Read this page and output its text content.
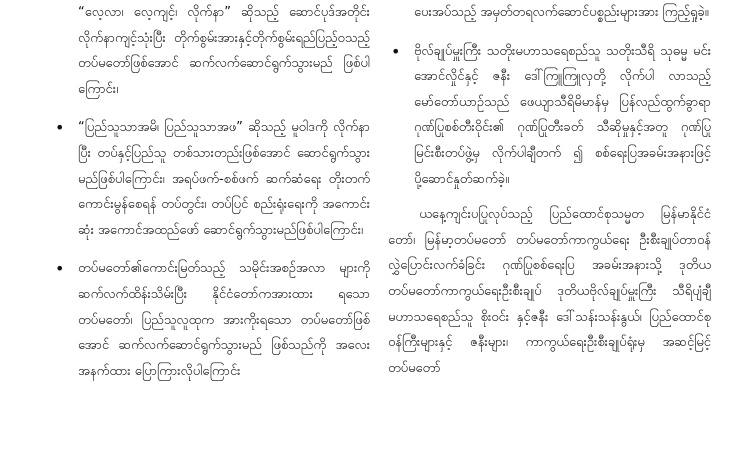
“လေ့လာ၊ လေ့ကျင့်၊ လိုက်နာ” ဆိုသည့် ဆောင်ပုဒ်အတိုင်း လိုက်နာကျင့်သုံးပြီး တိုက်စွမ်းအားနှင့်တိုက်စွမ်းရည်ပြည့်ဝသည့် တပ်မတော်ဖြစ်အောင် ဆက်လက်ဆောင်ရွက်သွားမည် ဖြစ်ပါကြောင်း၊

• “ပြည်သူသာအမိ၊ ပြည်သူသာအဖ” ဆိုသည့် မူဝါဒကို လိုက်နာပြီး တပ်နှင့်ပြည်သူ တစ်သားတည်းဖြစ်အောင် ဆောင်ရွက်သွားမည်ဖြစ်ပါကြောင်း၊ အရပ်ဖက်-စစ်ဖက် ဆက်ဆံရေး တိုးတက်ကောင်းမွန်စေရန် တပ်တွင်း၊ တပ်ပြင် စည်းရုံးရေးကို အကောင်းဆုံး အကောင်အထည်ဖော် ဆောင်ရွက်သွားမည်ဖြစ်ပါကြောင်း၊

• တပ်မတော်၏ကောင်းမြတ်သည့် သမိုင်းအစဉ်အလာ များကို ဆက်လက်ထိန်းသိမ်းပြီး နိုင်ငံတော်ကအားထား ရသော တပ်မတော်၊ ပြည်သူလူထုက အားကိုးရသော တပ်မတော်ဖြစ်အောင် ဆက်လက်ဆောင်ရွက်သွားမည် ဖြစ်သည်ကို အလေးအနက်ထား ပြောကြားလိုပါကြောင်း

ပေးအပ်သည့် အမှတ်တရလက်ဆောင်ပစ္စည်းများအား ကြည့်ရှုခဲ့။

• ဗိုလ်ချုပ်မှူးကြီး သတိုးမဟာသရေစည်သူ သတိုးသီရိ သုဓမ္မ မင်းအောင်လှိုင်နှင့် ဇနီး ဒေါ်ကြူကြူလှတို့ လိုက်ပါ လာသည့် မော်တော်ယာဉ်သည် ဖေယျာသီရိမိမာန်မှ ပြန်လည်ထွက်ခွာရာ ဂုဏ်ပြုစစ်တီးဝိုင်း၏ ဂုဏ်ပြုတီးခတ် သီဆိုမှုနှင့်အတူ ဂုဏ်ပြုမြင်းစီးတပ်ဖွဲ့မှ လိုက်ပါချီတက် ၍ စစ်ရေးပြအခမ်းအနားဖြင့် ပို့ဆောင်နှုတ်ဆက်ခဲ့။

ယနေ့ကျင်းပပြုလုပ်သည့် ပြည်ထောင်စုသမ္မတ မြန်မာနိုင်ငံတော်၊ မြန်မာ့တပ်မတော် တပ်မတော်ကာကွယ်ရေး ဦးစီးချုပ်တာဝန် လွှဲပြောင်းလက်ခံခြင်း ဂုဏ်ပြုစစ်ရေးပြ အခမ်းအနားသို့ ဒုတိယတပ်မတော်ကာကွယ်ရေးဦးစီးချုပ် ဒုတိယဗိုလ်ချုပ်မှူးကြီး သီရိပျံချီ မဟာသရေစည်သူ စိုးဝင်း နှင့်ဇနီး ဒေါ်သန်းသန်းနွယ်၊ ပြည်ထောင်စုဝန်ကြီးများနှင့် ဇနီးများ၊ ကာကွယ်ရေးဦးစီးချုပ်ရုံးမှ အဆင့်မြင့်တပ်မတော်
